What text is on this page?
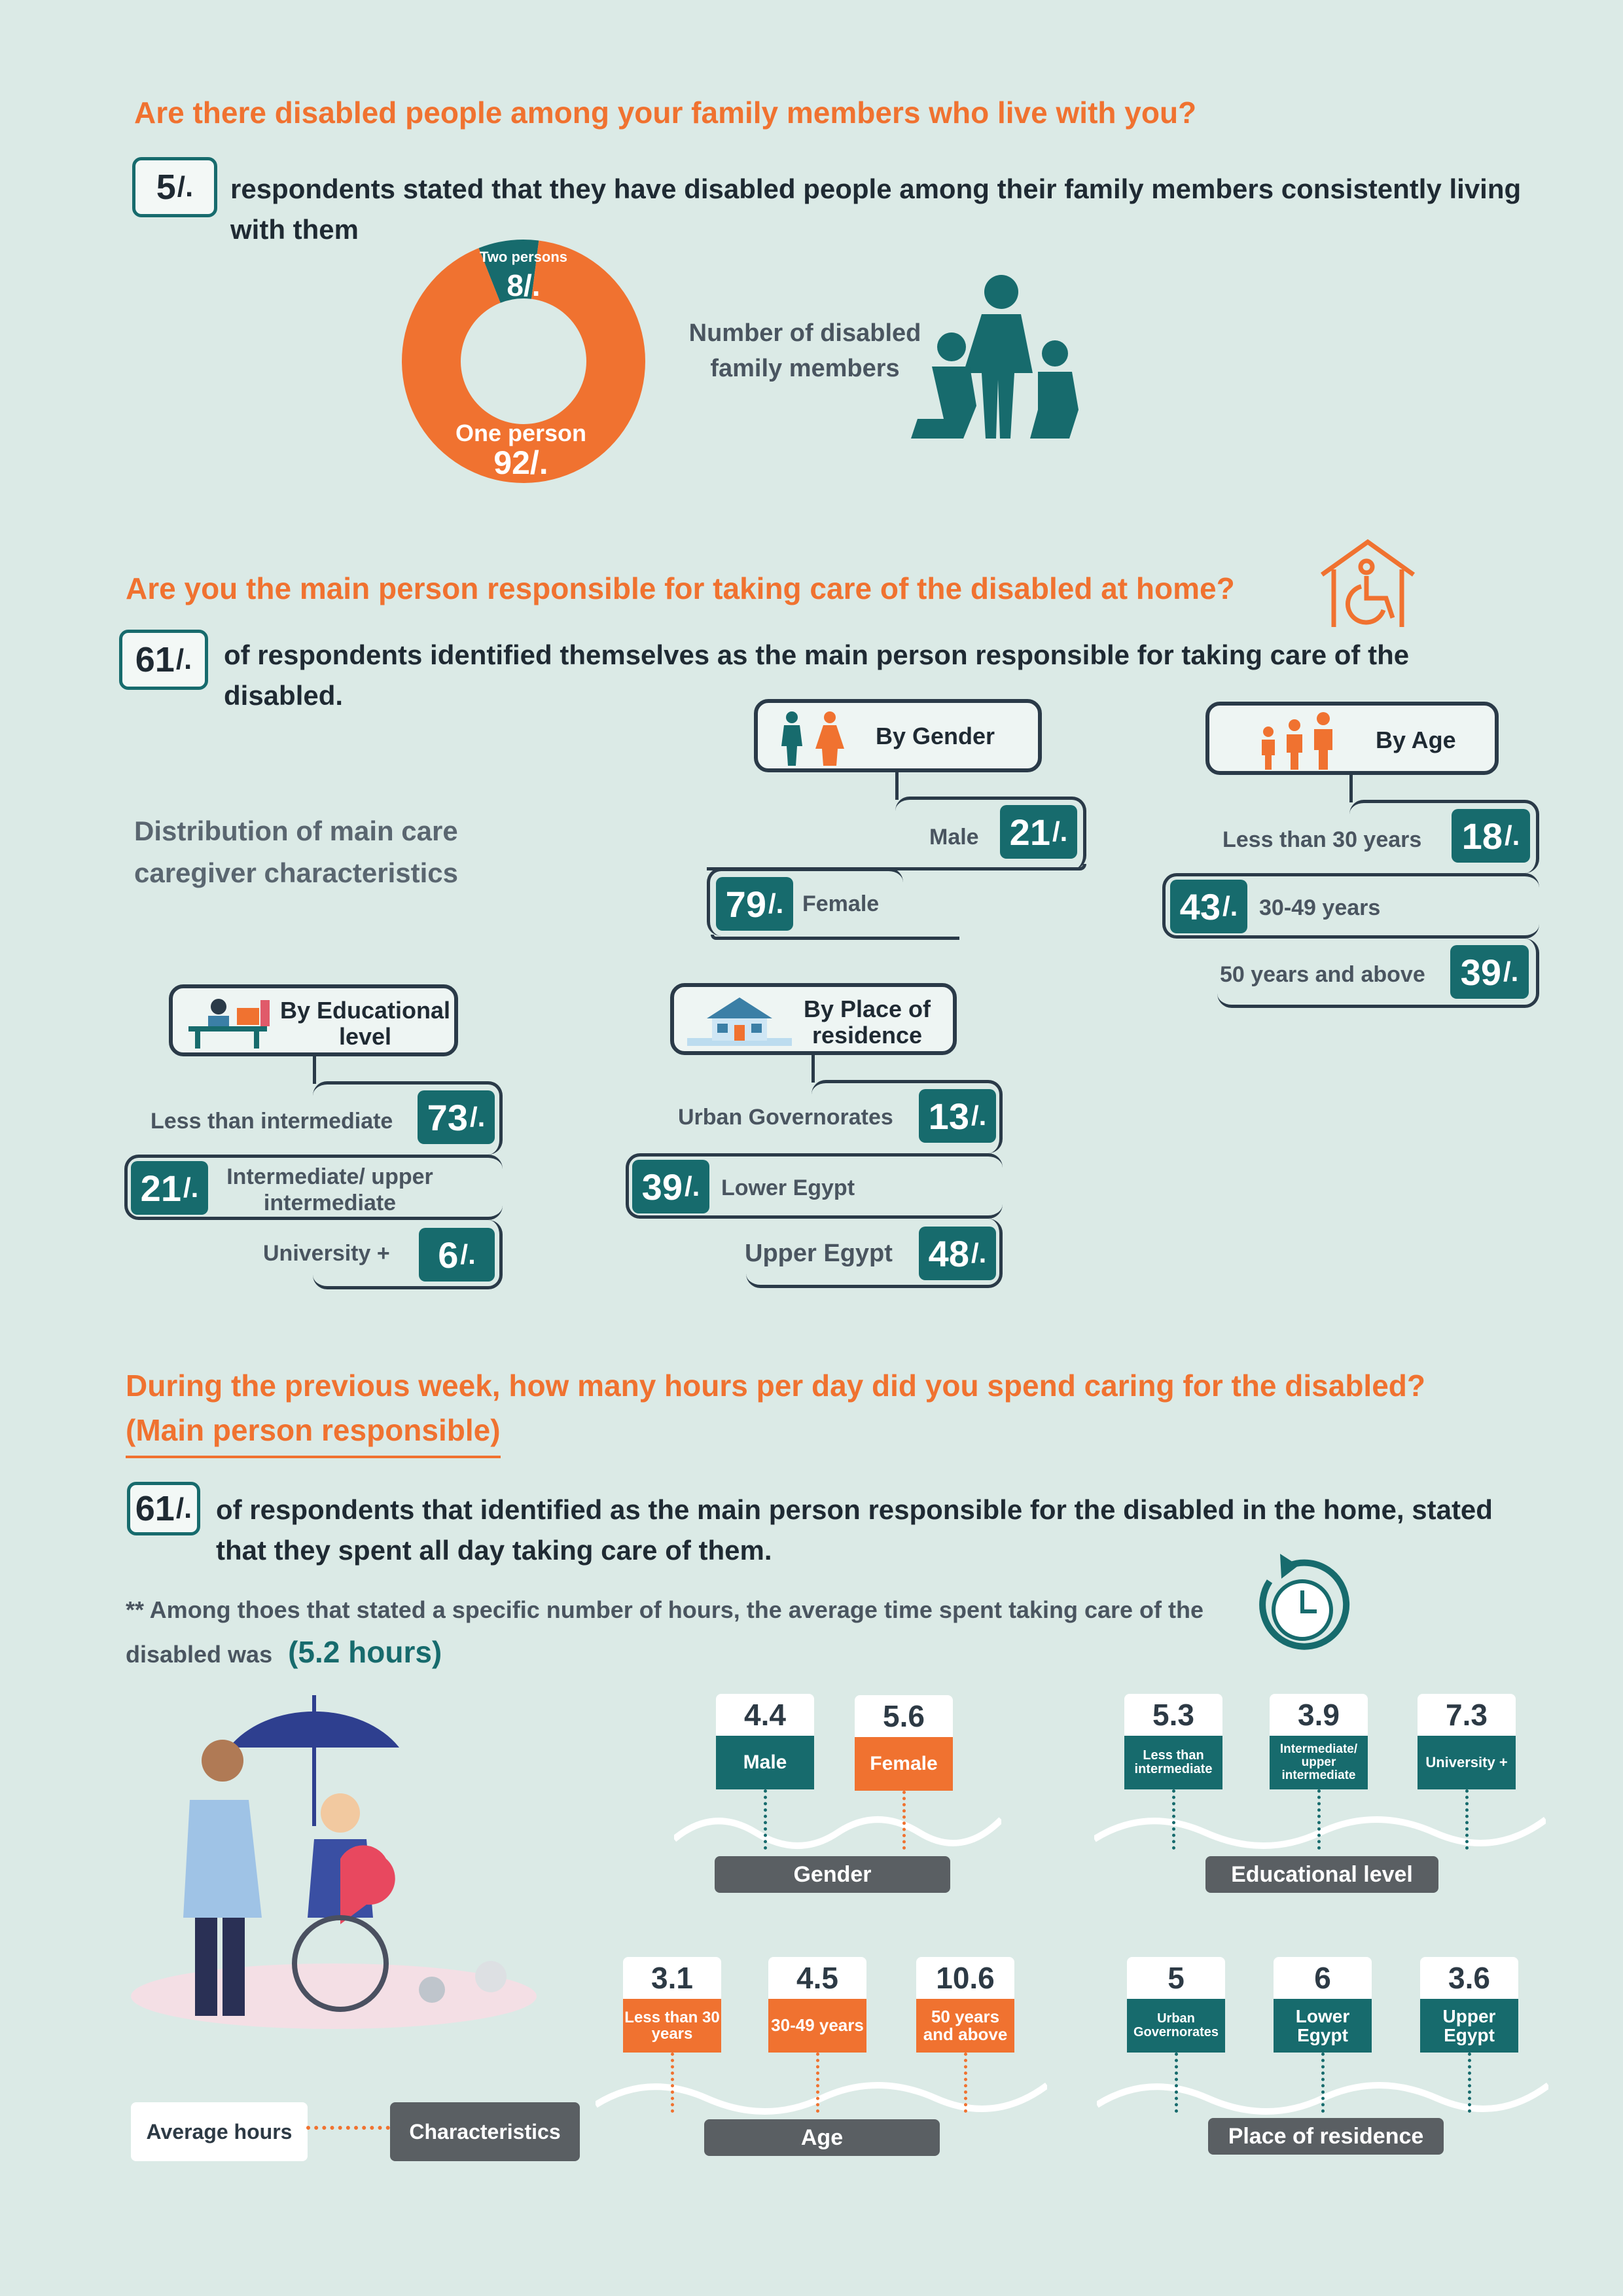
Are there disabled people among your family members who live with you?
5 /. respondents stated that they have disabled people among their family members consistently living with them
Two persons
8/.
One person
92/.
Number of disabled family members
Are you the main person responsible for taking care of the disabled at home?
61 /. of respondents identified themselves as the main person responsible for taking care of the disabled.
Distribution of main care caregiver characteristics
By Gender
Male 21 /.
79 /. Female
By Age
Less than 30 years 18 /.
43 /. 30-49 years
50 years and above 39 /.
By Educational level
Less than intermediate 73 /.
21 /.	Intermediate/ upper intermediate
University + 6 /.
By Place of residence
Urban Governorates 13 /.
39 /. Lower Egypt
Upper Egypt 48 /.
During the previous week, how many hours per day did you spend caring for the disabled?
(Main person responsible)
61 /. of respondents that identified as the main person responsible for the disabled in the home, stated that they spent all day taking care of them.
** Among thoes that stated a specific number of hours, the average time spent taking care of the disabled was (5.2 hours)
Average hours	Characteristics
4.4
Male
5.6
Female
Gender
5.3
Less than intermediate
3.9
Intermediate/ upper intermediate
7.3
University +
Educational level
3.1
Less than 30 years
4.5
30-49 years
10.6
50 years and above
Age
5
Urban Governorates
6
Lower Egypt
3.6
Upper Egypt
Place of residence
